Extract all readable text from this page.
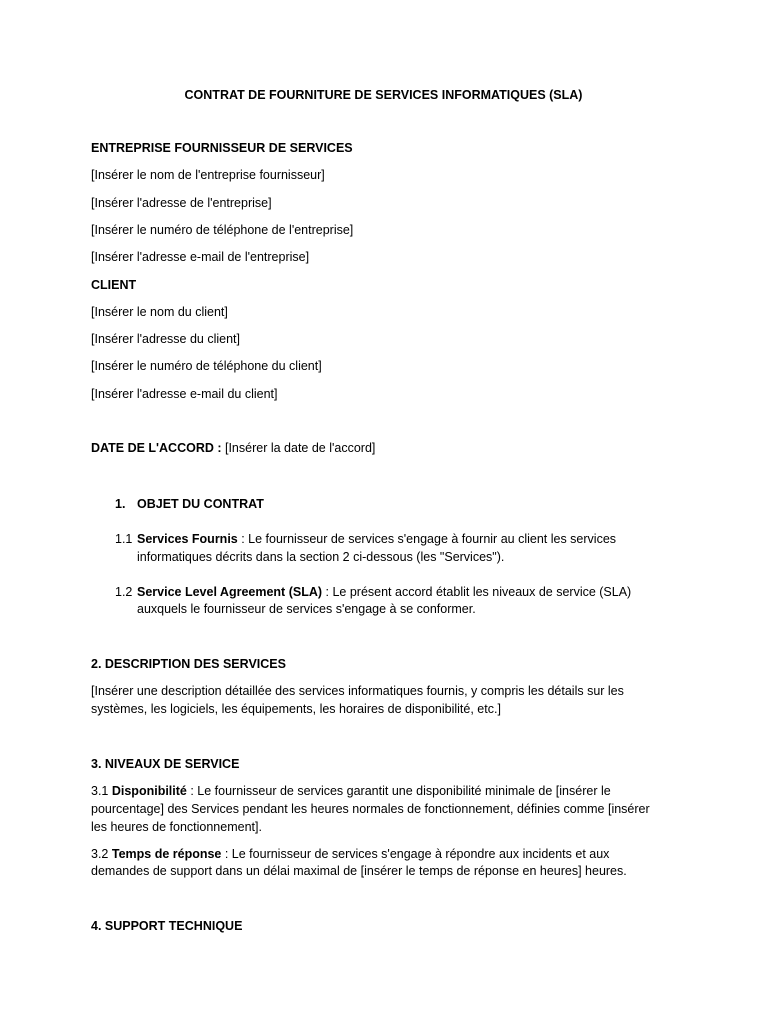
CONTRAT DE FOURNITURE DE SERVICES INFORMATIQUES (SLA)
ENTREPRISE FOURNISSEUR DE SERVICES
[Insérer le nom de l'entreprise fournisseur]
[Insérer l'adresse de l'entreprise]
[Insérer le numéro de téléphone de l'entreprise]
[Insérer l'adresse e-mail de l'entreprise]
CLIENT
[Insérer le nom du client]
[Insérer l'adresse du client]
[Insérer le numéro de téléphone du client]
[Insérer l'adresse e-mail du client]
DATE DE L'ACCORD : [Insérer la date de l'accord]
1. OBJET DU CONTRAT
1.1 Services Fournis : Le fournisseur de services s'engage à fournir au client les services
informatiques décrits dans la section 2 ci-dessous (les "Services").
1.2 Service Level Agreement (SLA) : Le présent accord établit les niveaux de service (SLA)
auxquels le fournisseur de services s'engage à se conformer.
2. DESCRIPTION DES SERVICES
[Insérer une description détaillée des services informatiques fournis, y compris les détails sur les
systèmes, les logiciels, les équipements, les horaires de disponibilité, etc.]
3. NIVEAUX DE SERVICE
3.1 Disponibilité : Le fournisseur de services garantit une disponibilité minimale de [insérer le
pourcentage] des Services pendant les heures normales de fonctionnement, définies comme [insérer
les heures de fonctionnement].
3.2 Temps de réponse : Le fournisseur de services s'engage à répondre aux incidents et aux
demandes de support dans un délai maximal de [insérer le temps de réponse en heures] heures.
4. SUPPORT TECHNIQUE
